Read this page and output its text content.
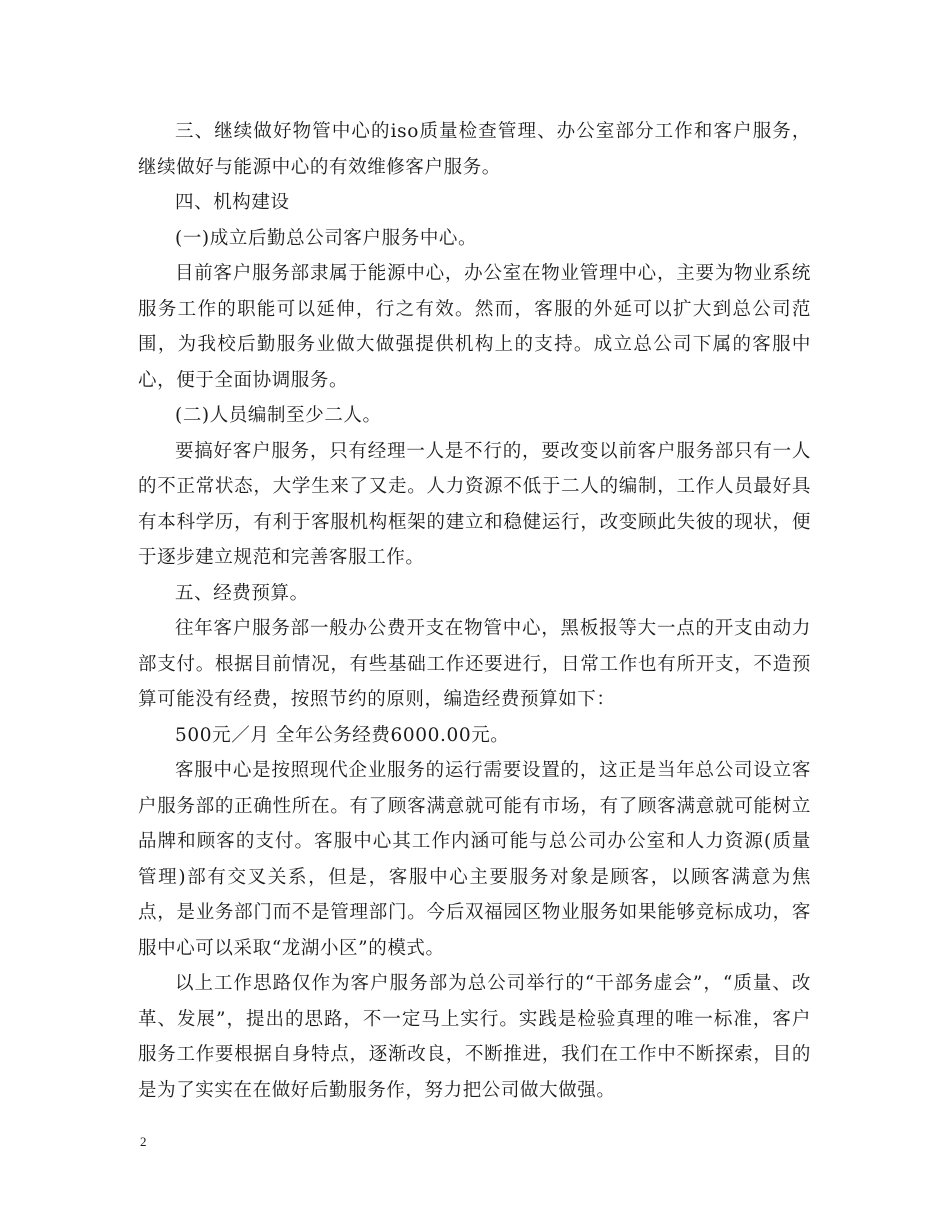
三、继续做好物管中心的iso质量检查管理、办公室部分工作和客户服务，继续做好与能源中心的有效维修客户服务。

四、机构建设

(一)成立后勤总公司客户服务中心。

目前客户服务部隶属于能源中心，办公室在物业管理中心，主要为物业系统服务工作的职能可以延伸，行之有效。然而，客服的外延可以扩大到总公司范围，为我校后勤服务业做大做强提供机构上的支持。成立总公司下属的客服中心，便于全面协调服务。

(二)人员编制至少二人。

要搞好客户服务，只有经理一人是不行的，要改变以前客户服务部只有一人的不正常状态，大学生来了又走。人力资源不低于二人的编制，工作人员最好具有本科学历，有利于客服机构框架的建立和稳健运行，改变顾此失彼的现状，便于逐步建立规范和完善客服工作。

五、经费预算。

往年客户服务部一般办公费开支在物管中心，黑板报等大一点的开支由动力部支付。根据目前情况，有些基础工作还要进行，日常工作也有所开支，不造预算可能没有经费，按照节约的原则，编造经费预算如下：

500元／月 全年公务经费6000.00元。

客服中心是按照现代企业服务的运行需要设置的，这正是当年总公司设立客户服务部的正确性所在。有了顾客满意就可能有市场，有了顾客满意就可能树立品牌和顾客的支付。客服中心其工作内涵可能与总公司办公室和人力资源(质量管理)部有交叉关系，但是，客服中心主要服务对象是顾客，以顾客满意为焦点，是业务部门而不是管理部门。今后双福园区物业服务如果能够竞标成功，客服中心可以采取“龙湖小区”的模式。

以上工作思路仅作为客户服务部为总公司举行的“干部务虚会”，“质量、改革、发展”，提出的思路，不一定马上实行。实践是检验真理的唯一标准，客户服务工作要根据自身特点，逐渐改良，不断推进，我们在工作中不断探索，目的是为了实实在在做好后勤服务作，努力把公司做大做强。

2
